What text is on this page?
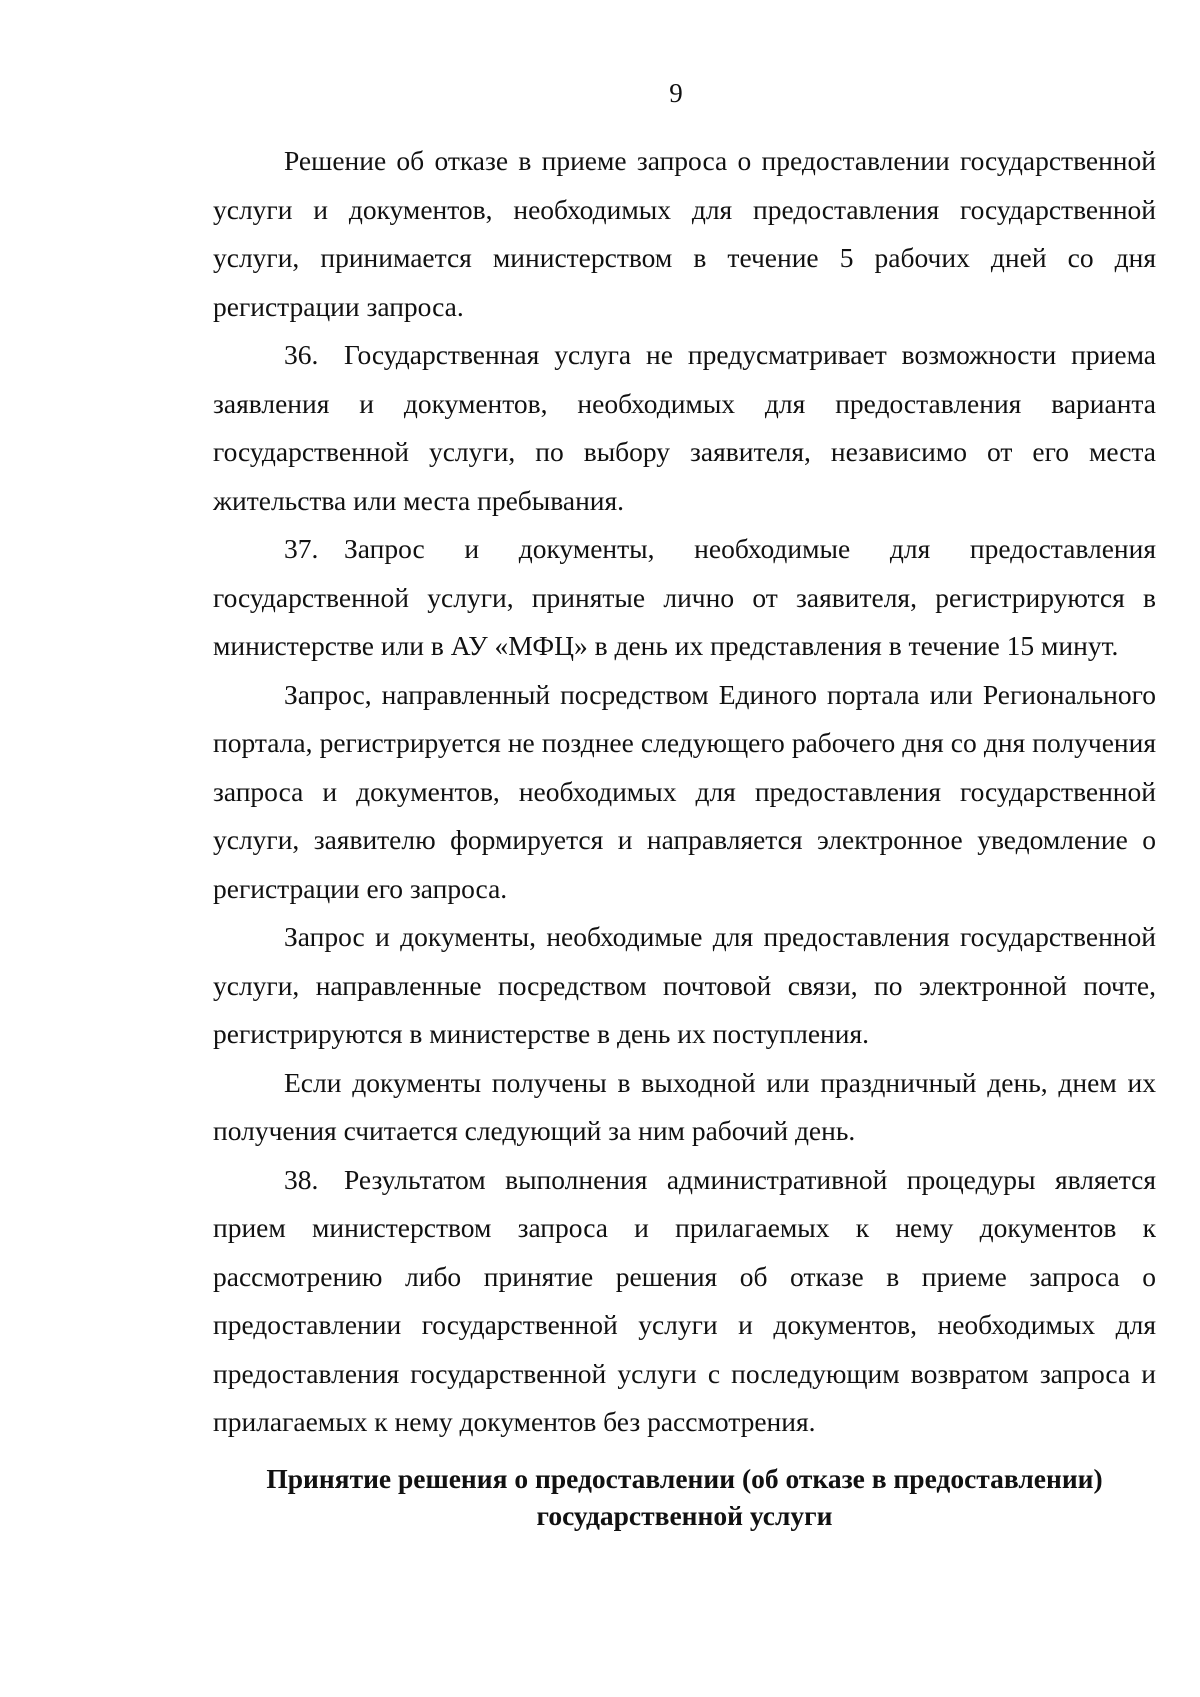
9

Решение об отказе в приеме запроса о предоставлении государственной услуги и документов, необходимых для предоставления государственной услуги, принимается министерством в течение 5 рабочих дней со дня регистрации запроса.

36. Государственная услуга не предусматривает возможности приема заявления и документов, необходимых для предоставления варианта государственной услуги, по выбору заявителя, независимо от его места жительства или места пребывания.

37. Запрос и документы, необходимые для предоставления государственной услуги, принятые лично от заявителя, регистрируются в министерстве или в АУ «МФЦ» в день их представления в течение 15 минут.

Запрос, направленный посредством Единого портала или Регионального портала, регистрируется не позднее следующего рабочего дня со дня получения запроса и документов, необходимых для предоставления государственной услуги, заявителю формируется и направляется электронное уведомление о регистрации его запроса.

Запрос и документы, необходимые для предоставления государственной услуги, направленные посредством почтовой связи, по электронной почте, регистрируются в министерстве в день их поступления.

Если документы получены в выходной или праздничный день, днем их получения считается следующий за ним рабочий день.

38. Результатом выполнения административной процедуры является прием министерством запроса и прилагаемых к нему документов к рассмотрению либо принятие решения об отказе в приеме запроса о предоставлении государственной услуги и документов, необходимых для предоставления государственной услуги с последующим возвратом запроса и прилагаемых к нему документов без рассмотрения.

Принятие решения о предоставлении (об отказе в предоставлении)
государственной услуги
